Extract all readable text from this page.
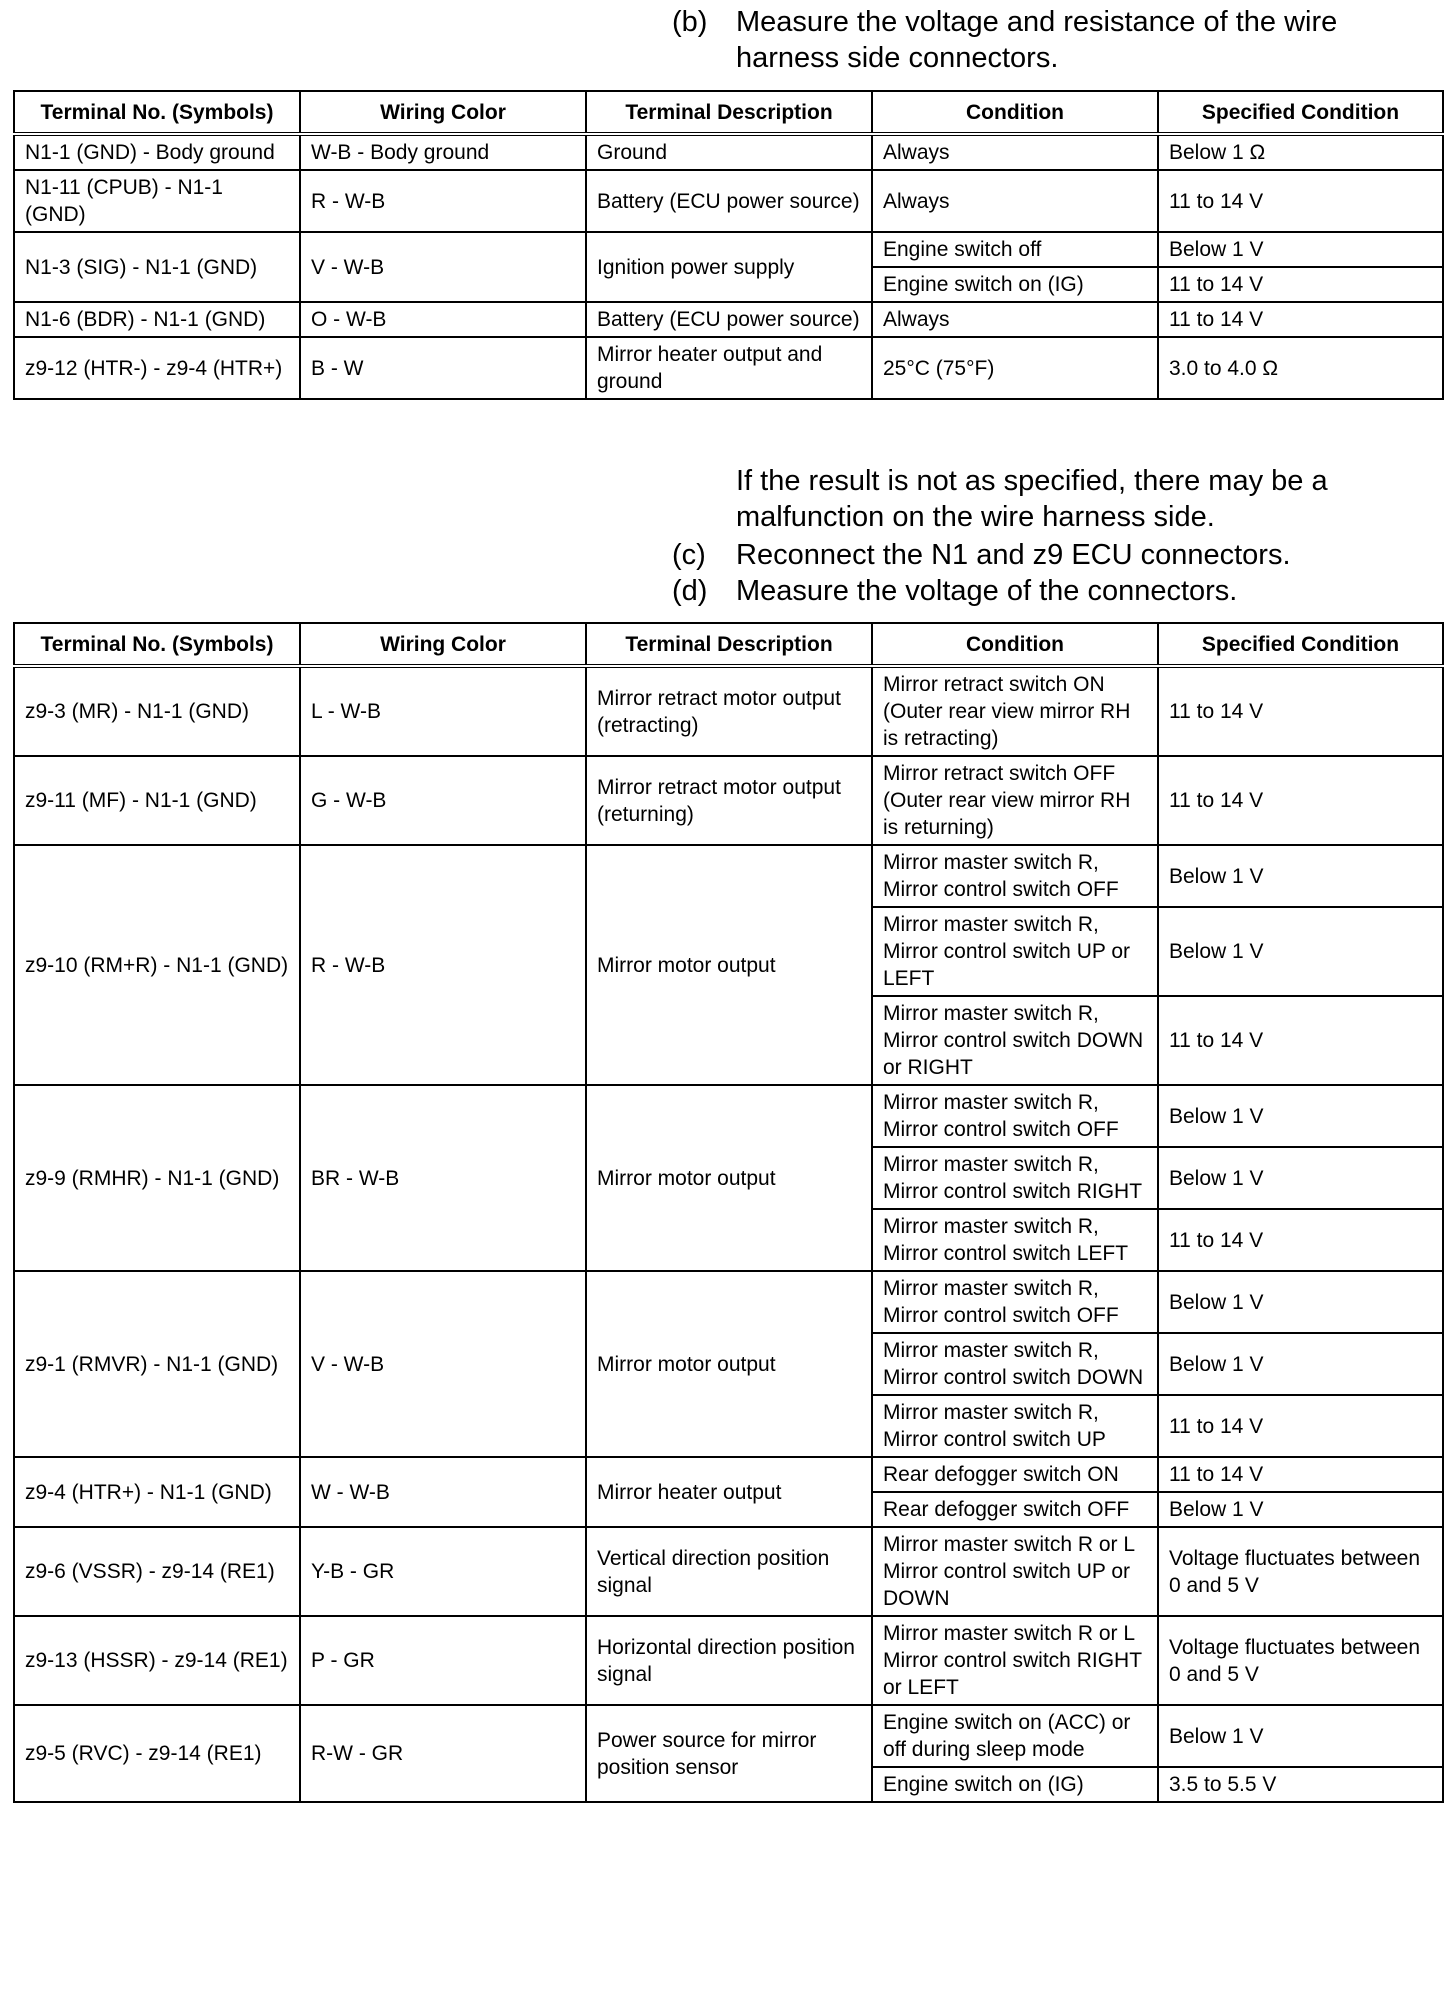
(b) Measure the voltage and resistance of the wire harness side connectors.
Terminal No. (Symbols)	Wiring Color	Terminal Description	Condition	Specified Condition
N1-1 (GND) - Body ground	W-B - Body ground	Ground	Always	Below 1 Ω
N1-11 (CPUB) - N1-1 (GND)	R - W-B	Battery (ECU power source)	Always	11 to 14 V
N1-3 (SIG) - N1-1 (GND)	V - W-B	Ignition power supply	Engine switch off	Below 1 V
			Engine switch on (IG)	11 to 14 V
N1-6 (BDR) - N1-1 (GND)	O - W-B	Battery (ECU power source)	Always	11 to 14 V
z9-12 (HTR-) - z9-4 (HTR+)	B - W	Mirror heater output and ground	25°C (75°F)	3.0 to 4.0 Ω
If the result is not as specified, there may be a malfunction on the wire harness side.
(c)	Reconnect the N1 and z9 ECU connectors.
(d) Measure the voltage of the connectors.
Terminal No. (Symbols)	Wiring Color	Terminal Description	Condition	Specified Condition
z9-3 (MR) - N1-1 (GND)	L - W-B	Mirror retract motor output (retracting)	Mirror retract switch ON (Outer rear view mirror RH is retracting)	11 to 14 V
z9-11 (MF) - N1-1 (GND)	G - W-B	Mirror retract motor output (returning)	Mirror retract switch OFF (Outer rear view mirror RH is returning)	11 to 14 V
z9-10 (RM+R) - N1-1 (GND)	R - W-B	Mirror motor output	Mirror master switch R, Mirror control switch OFF	Below 1 V
			Mirror master switch R, Mirror control switch UP or LEFT	Below 1 V
			Mirror master switch R, Mirror control switch DOWN or RIGHT	11 to 14 V
z9-9 (RMHR) - N1-1 (GND)	BR - W-B	Mirror motor output	Mirror master switch R, Mirror control switch OFF	Below 1 V
			Mirror master switch R, Mirror control switch RIGHT	Below 1 V
			Mirror master switch R, Mirror control switch LEFT	11 to 14 V
z9-1 (RMVR) - N1-1 (GND)	V - W-B	Mirror motor output	Mirror master switch R, Mirror control switch OFF	Below 1 V
			Mirror master switch R, Mirror control switch DOWN	Below 1 V
			Mirror master switch R, Mirror control switch UP	11 to 14 V
z9-4 (HTR+) - N1-1 (GND)	W - W-B	Mirror heater output	Rear defogger switch ON	11 to 14 V
			Rear defogger switch OFF	Below 1 V
z9-6 (VSSR) - z9-14 (RE1)	Y-B - GR	Vertical direction position signal	Mirror master switch R or L Mirror control switch UP or DOWN	Voltage fluctuates between 0 and 5 V
z9-13 (HSSR) - z9-14 (RE1)	P - GR	Horizontal direction position signal	Mirror master switch R or L Mirror control switch RIGHT or LEFT	Voltage fluctuates between 0 and 5 V
z9-5 (RVC) - z9-14 (RE1)	R-W - GR	Power source for mirror position sensor	Engine switch on (ACC) or off during sleep mode	Below 1 V
			Engine switch on (IG)	3.5 to 5.5 V
